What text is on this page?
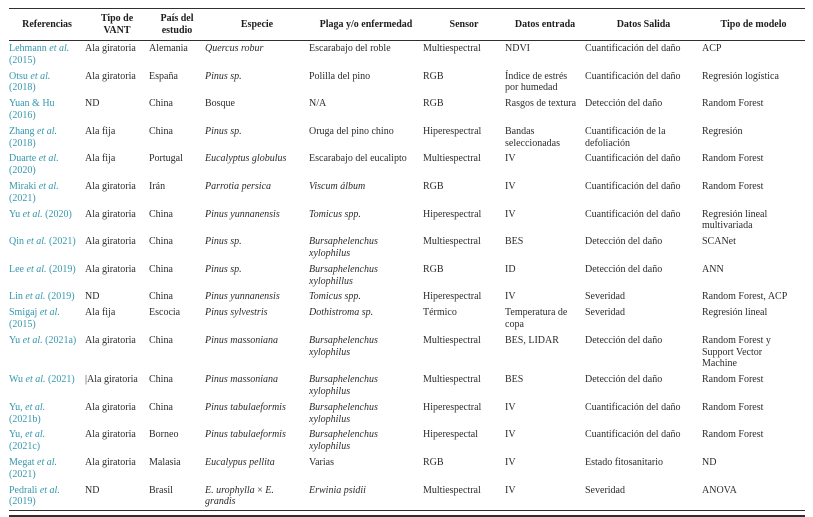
Referencias	Tipo de VANT	País del estudio	Especie	Plaga y/o enfermedad	Sensor	Datos entrada	Datos Salida	Tipo de modelo
Lehmann et al. (2015)	Ala giratoria	Alemania	Quercus robur	Escarabajo del roble	Multiespectral	NDVI	Cuantificación del daño	ACP
Otsu et al. (2018)	Ala giratoria	España	Pinus sp.	Polilla del pino	RGB	Índice de estrés por humedad	Cuantificación del daño	Regresión logística
Yuan & Hu (2016)	ND	China	Bosque	N/A	RGB	Rasgos de textura	Detección del daño	Random Forest
Zhang et al. (2018)	Ala fija	China	Pinus sp.	Oruga del pino chino	Hiperespectral	Bandas seleccionadas	Cuantificación de la defoliación	Regresión
Duarte et al. (2020)	Ala fija	Portugal	Eucalyptus globulus	Escarabajo del eucalipto	Multiespectral	IV	Cuantificación del daño	Random Forest
Miraki et al. (2021)	Ala giratoria	Irán	Parrotia persica	Viscum álbum	RGB	IV	Cuantificación del daño	Random Forest
Yu et al. (2020)	Ala giratoria	China	Pinus yunnanensis	Tomicus spp.	Hiperespectral	IV	Cuantificación del daño	Regresión lineal multivariada
Qin et al. (2021)	Ala giratoria	China	Pinus sp.	Bursaphelenchus xylophilus	Multiespectral	BES	Detección del daño	SCANet
Lee et al. (2019)	Ala giratoria	China	Pinus sp.	Bursaphelenchus xylophillus	RGB	ID	Detección del daño	ANN
Lin et al. (2019)	ND	China	Pinus yunnanensis	Tomicus spp.	Hiperespectral	IV	Severidad	Random Forest, ACP
Smigaj et al. (2015)	Ala fija	Escocia	Pinus sylvestris	Dothistroma sp.	Térmico	Temperatura de copa	Severidad	Regresión lineal
Yu et al. (2021a)	Ala giratoria	China	Pinus massoniana	Bursaphelenchus xylophilus	Multiespectral	BES, LIDAR	Detección del daño	Random Forest y Support Vector Machine
Wu et al. (2021)	|Ala giratoria	China	Pinus massoniana	Bursaphelenchus xylophilus	Multiespectral	BES	Detección del daño	Random Forest
Yu, et al. (2021b)	Ala giratoria	China	Pinus tabulaeformis	Bursaphelenchus xylophilus	Hiperespectral	IV	Cuantificación del daño	Random Forest
Yu, et al. (2021c)	Ala giratoria	Borneo	Pinus tabulaeformis	Bursaphelenchus xylophilus	Hiperespectal	IV	Cuantificación del daño	Random Forest
Megat et al. (2021)	Ala giratoria	Malasia	Eucalypus pellita	Varias	RGB	IV	Estado fitosanitario	ND
Pedrali et al. (2019)	ND	Brasil	E. urophylla × E. grandis	Erwinia psidii	Multiespectral	IV	Severidad	ANOVA
